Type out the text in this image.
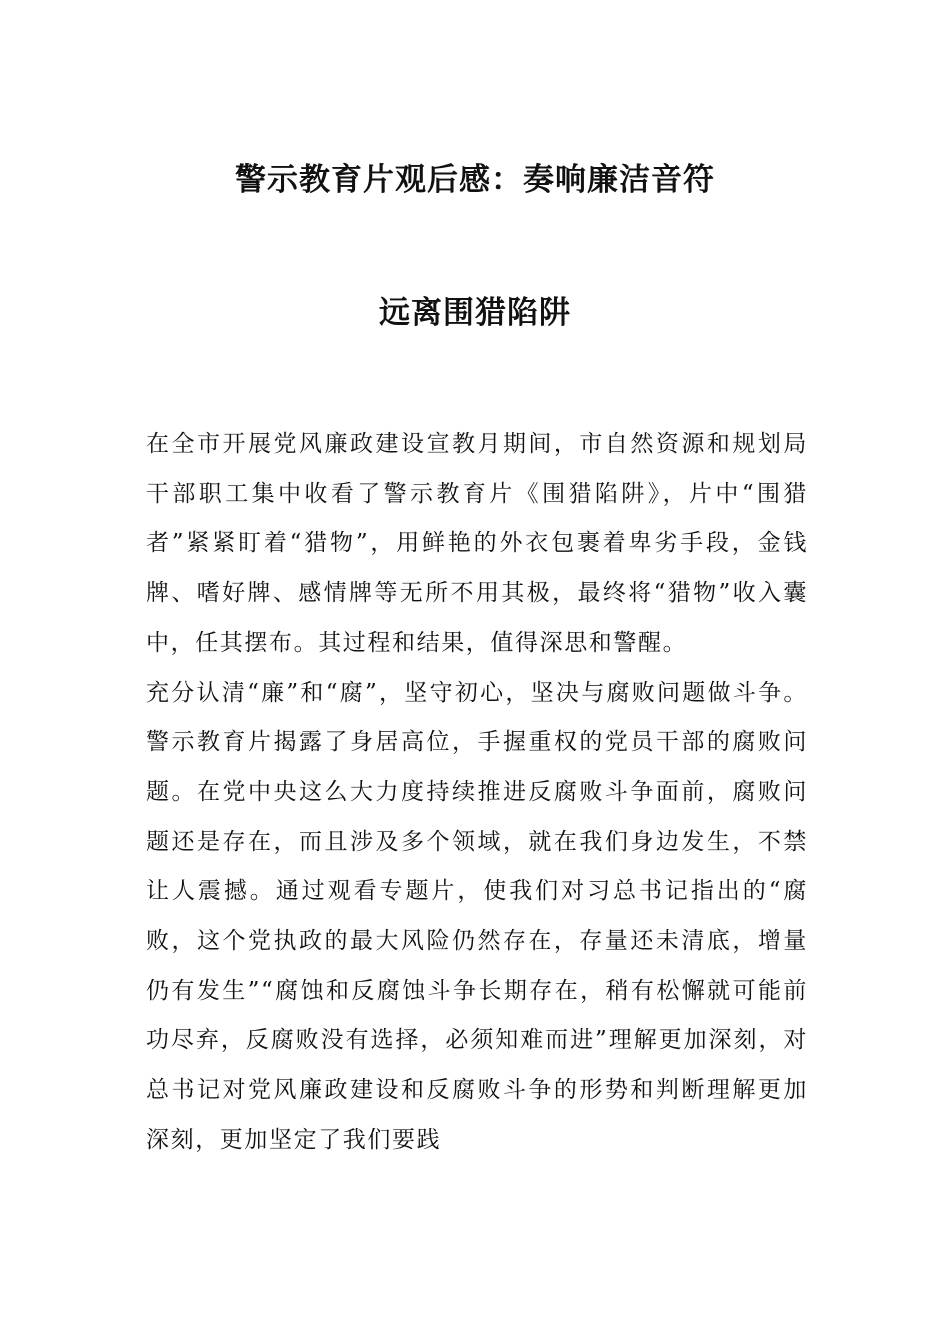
警示教育片观后感：奏响廉洁音符
远离围猎陷阱

在全市开展党风廉政建设宣教月期间，市自然资源和规划局干部职工集中收看了警示教育片《围猎陷阱》，片中“围猎者”紧紧盯着“猎物”，用鲜艳的外衣包裹着卑劣手段，金钱牌、嗜好牌、感情牌等无所不用其极，最终将“猎物”收入囊中，任其摆布。其过程和结果，值得深思和警醒。

充分认清“廉”和“腐”，坚守初心，坚决与腐败问题做斗争。警示教育片揭露了身居高位，手握重权的党员干部的腐败问题。在党中央这么大力度持续推进反腐败斗争面前，腐败问题还是存在，而且涉及多个领域，就在我们身边发生，不禁让人震撼。通过观看专题片，使我们对习总书记指出的“腐败，这个党执政的最大风险仍然存在，存量还未清底，增量仍有发生”“腐蚀和反腐蚀斗争长期存在，稍有松懈就可能前功尽弃，反腐败没有选择，必须知难而进”理解更加深刻，对总书记对党风廉政建设和反腐败斗争的形势和判断理解更加深刻，更加坚定了我们要践
